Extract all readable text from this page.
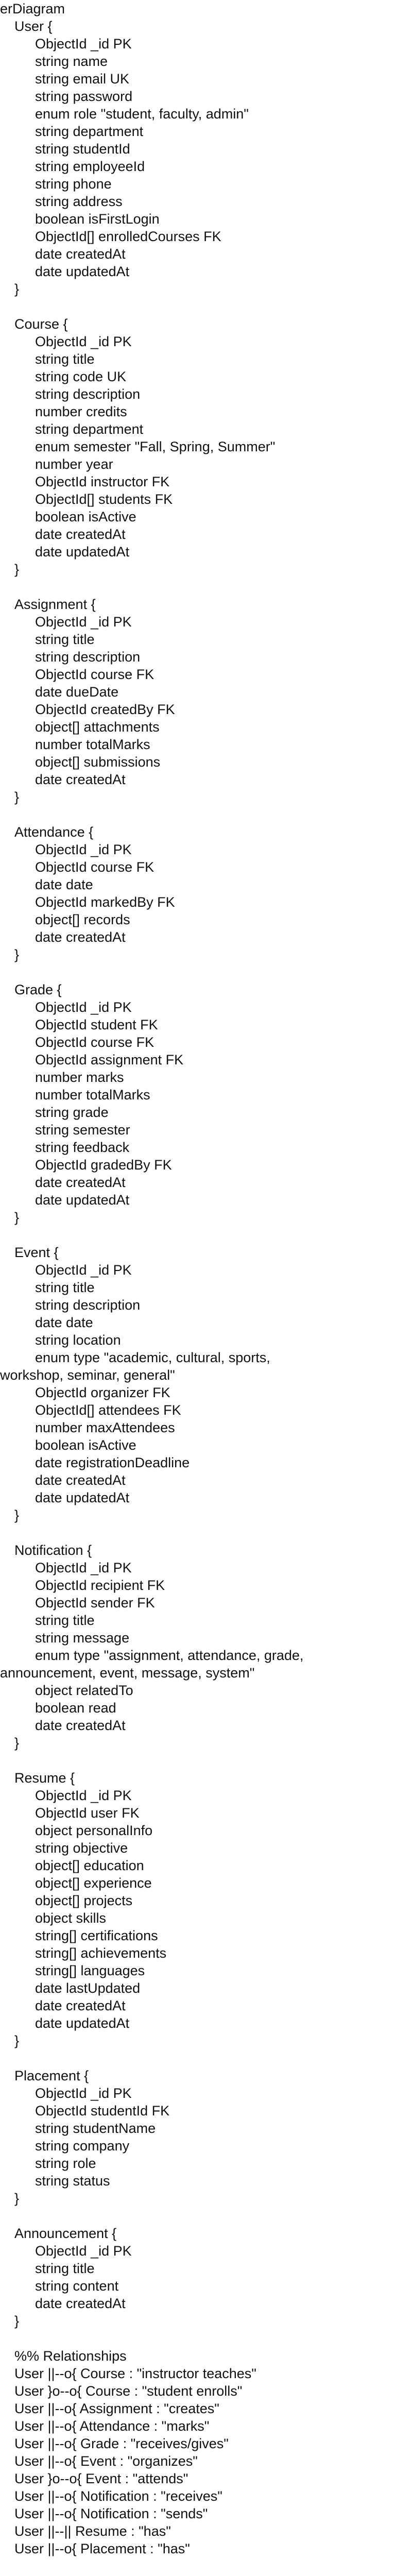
erDiagram
User {
ObjectId _id PK
string name
string email UK
string password
enum role "student, faculty, admin"
string department
string studentId
string employeeId
string phone
string address
boolean isFirstLogin
ObjectId[] enrolledCourses FK
date createdAt
date updatedAt
}
Course {
ObjectId _id PK
string title
string code UK
string description
number credits
string department
enum semester "Fall, Spring, Summer"
number year
ObjectId instructor FK
ObjectId[] students FK
boolean isActive
date createdAt
date updatedAt
}
Assignment {
ObjectId _id PK
string title
string description
ObjectId course FK
date dueDate
ObjectId createdBy FK
object[] attachments
number totalMarks
object[] submissions
date createdAt
}
Attendance {
ObjectId _id PK
ObjectId course FK
date date
ObjectId markedBy FK
object[] records
date createdAt
}
Grade {
ObjectId _id PK
ObjectId student FK
ObjectId course FK
ObjectId assignment FK
number marks
number totalMarks
string grade
string semester
string feedback
ObjectId gradedBy FK
date createdAt
date updatedAt
}
Event {
ObjectId _id PK
string title
string description
date date
string location
enum type "academic, cultural, sports,
workshop, seminar, general"
ObjectId organizer FK
ObjectId[] attendees FK
number maxAttendees
boolean isActive
date registrationDeadline
date createdAt
date updatedAt
}
Notification {
ObjectId _id PK
ObjectId recipient FK
ObjectId sender FK
string title
string message
enum type "assignment, attendance, grade,
announcement, event, message, system"
object relatedTo
boolean read
date createdAt
}
Resume {
ObjectId _id PK
ObjectId user FK
object personalInfo
string objective
object[] education
object[] experience
object[] projects
object skills
string[] certifications
string[] achievements
string[] languages
date lastUpdated
date createdAt
date updatedAt
}
Placement {
ObjectId _id PK
ObjectId studentId FK
string studentName
string company
string role
string status
}
Announcement {
ObjectId _id PK
string title
string content
date createdAt
}
%% Relationships
User ||--o{ Course : "instructor teaches"
User }o--o{ Course : "student enrolls"
User ||--o{ Assignment : "creates"
User ||--o{ Attendance : "marks"
User ||--o{ Grade : "receives/gives"
User ||--o{ Event : "organizes"
User }o--o{ Event : "attends"
User ||--o{ Notification : "receives"
User ||--o{ Notification : "sends"
User ||--|| Resume : "has"
User ||--o{ Placement : "has"
